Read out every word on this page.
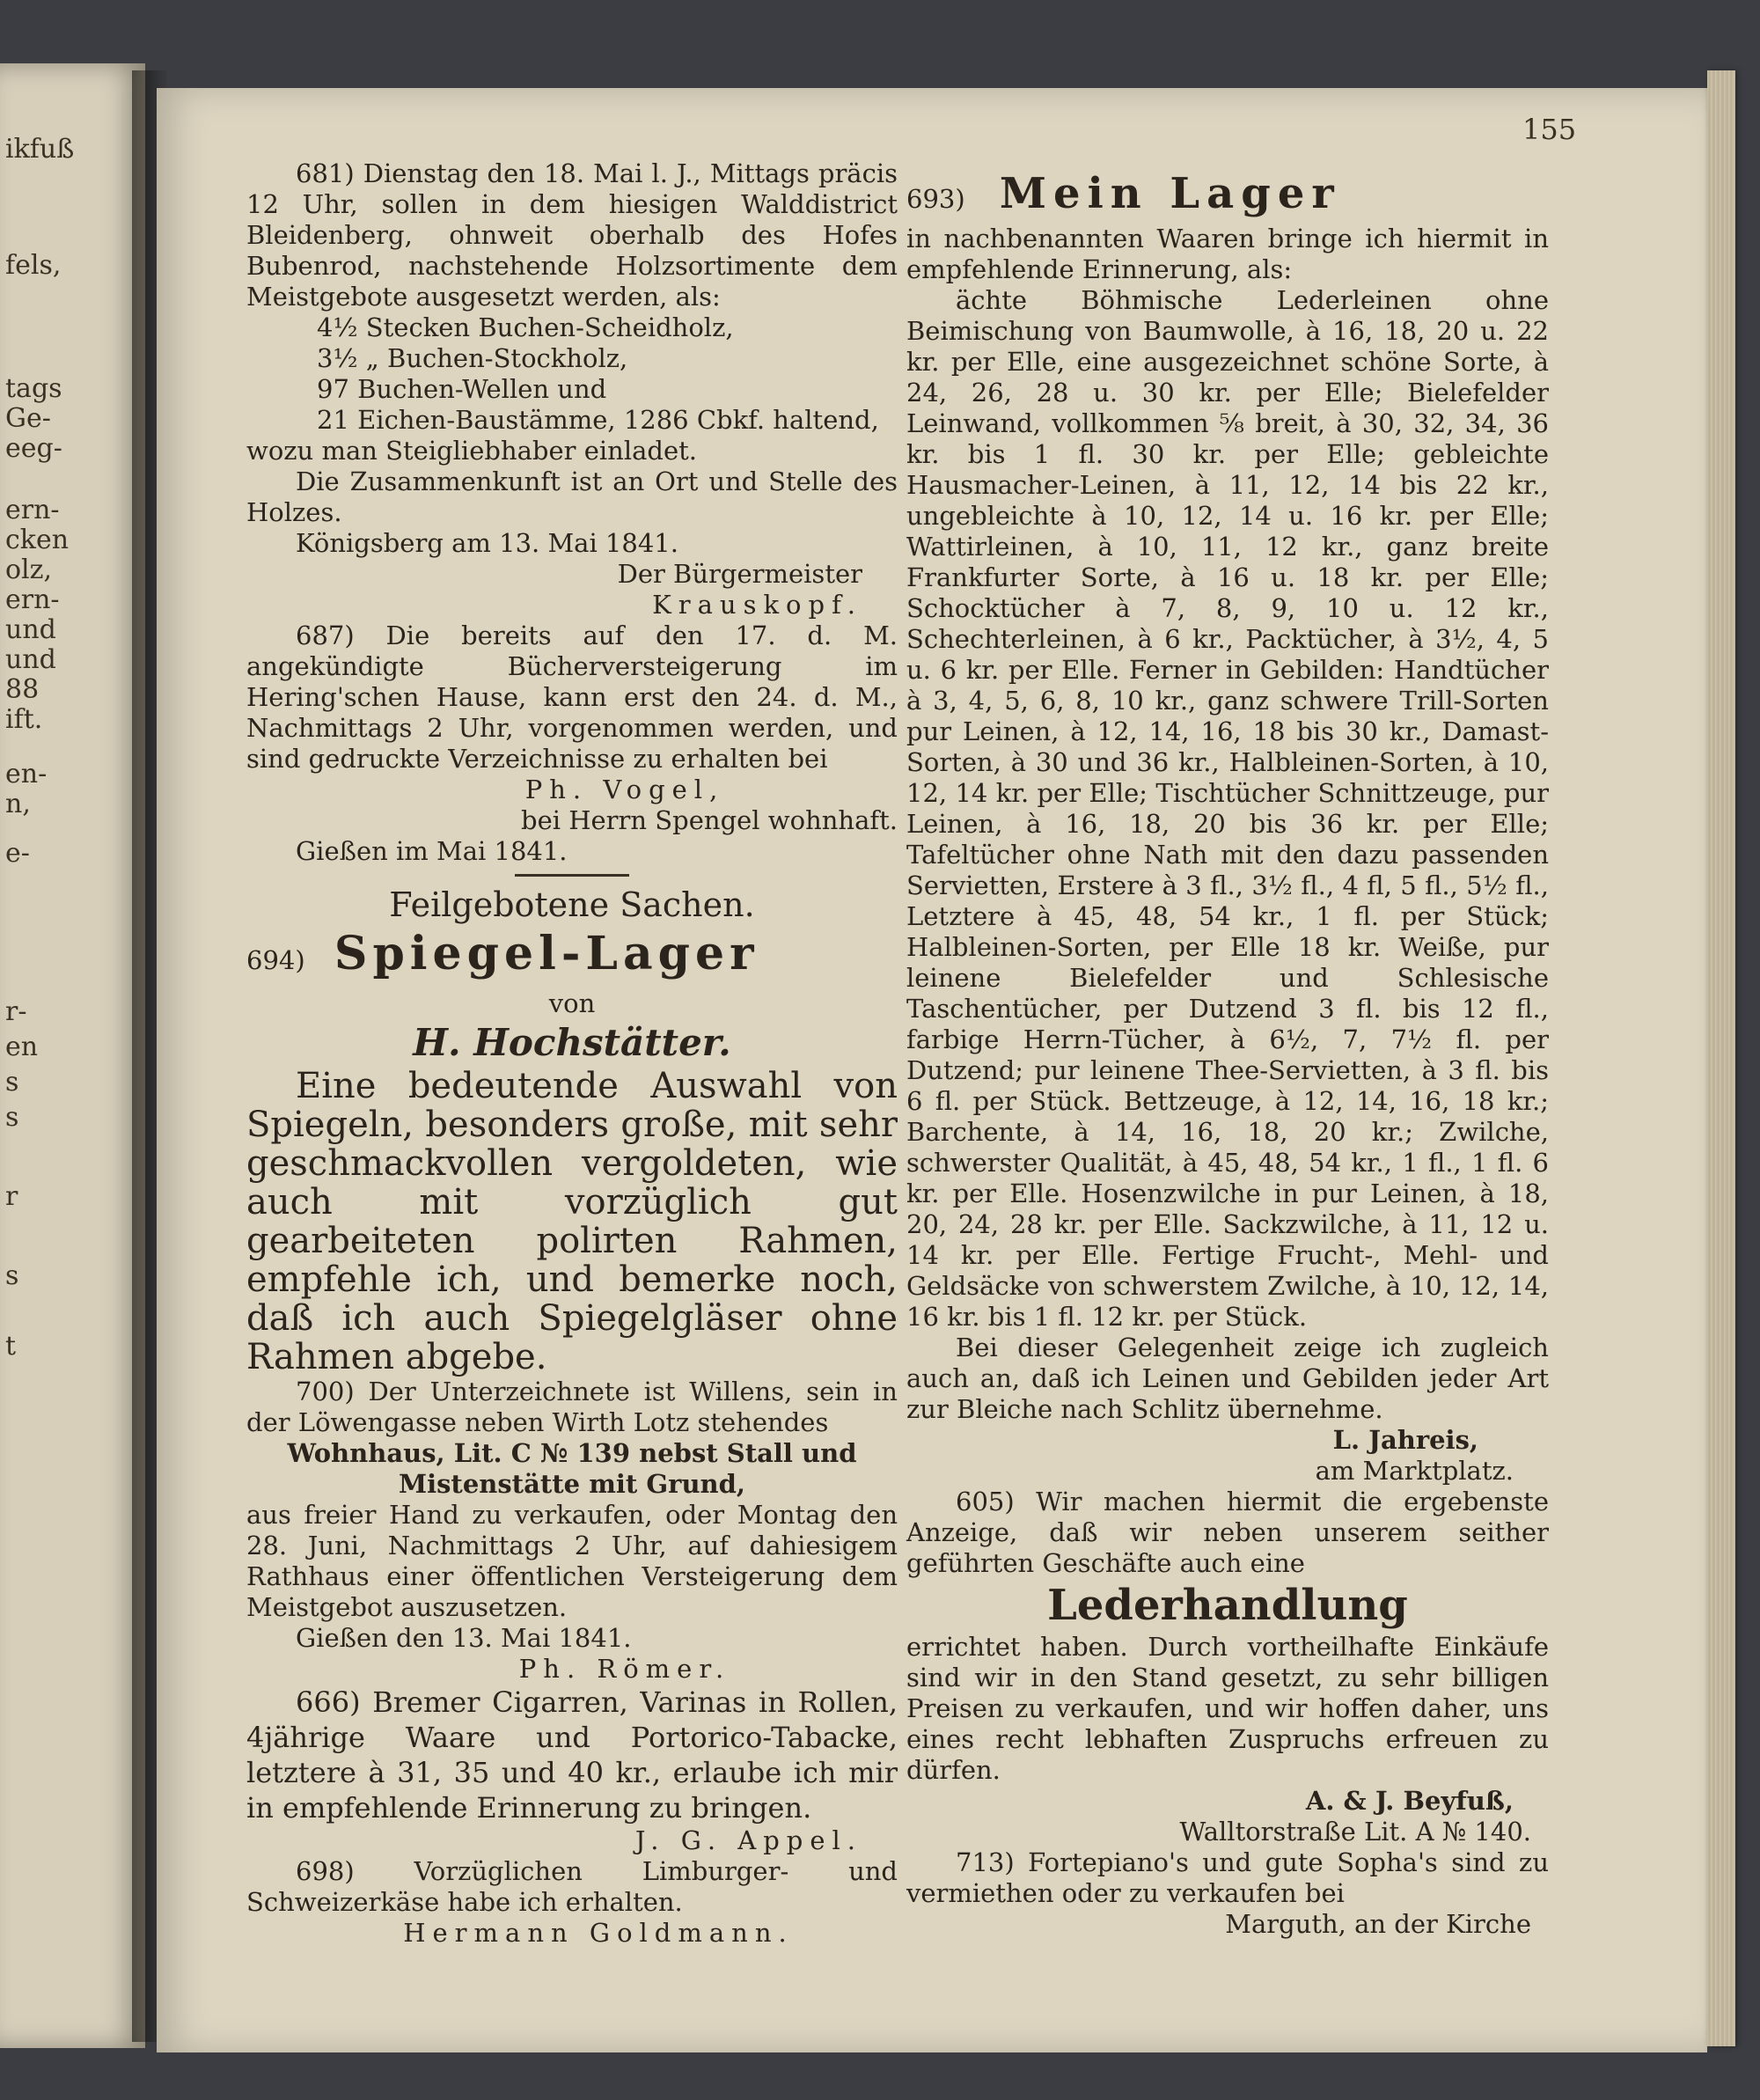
ikfuß
fels,
tags
Ge-
eeg-
ern-
cken
olz,
ern-
und
und
88
ift.
en-
n,
e-
r-
en
s
s
r
s
t
155

681) Dienstag den 18. Mai l. J., Mittags präcis 12 Uhr, sollen in dem hiesigen Walddistrict Bleidenberg, ohnweit oberhalb des Hofes Bubenrod, nachstehende Holzsortimente dem Meistgebote ausgesetzt werden, als:

4½ Stecken Buchen-Scheidholz,
3½ „ Buchen-Stockholz,
97 Buchen-Wellen und
21 Eichen-Baustämme, 1286 Cbkf. haltend,

wozu man Steigliebhaber einladet.

Die Zusammenkunft ist an Ort und Stelle des Holzes.

Königsberg am 13. Mai 1841.

Der Bürgermeister

Krauskopf.

687) Die bereits auf den 17. d. M. angekündigte Bücherversteigerung im Hering'schen Hause, kann erst den 24. d. M., Nachmittags 2 Uhr, vorgenommen werden, und sind gedruckte Verzeichnisse zu erhalten bei

Ph. Vogel,

bei Herrn Spengel wohnhaft.

Gießen im Mai 1841.

Feilgebotene Sachen.

694) Spiegel-Lager

von

H. Hochstätter.

Eine bedeutende Auswahl von Spiegeln, besonders große, mit sehr geschmackvollen vergoldeten, wie auch mit vorzüglich gut gearbeiteten polirten Rahmen, empfehle ich, und bemerke noch, daß ich auch Spiegelgläser ohne Rahmen abgebe.

700) Der Unterzeichnete ist Willens, sein in der Löwengasse neben Wirth Lotz stehendes

Wohnhaus, Lit. C № 139 nebst Stall und Mistenstätte mit Grund,

aus freier Hand zu verkaufen, oder Montag den 28. Juni, Nachmittags 2 Uhr, auf dahiesigem Rathhaus einer öffentlichen Versteigerung dem Meistgebot auszusetzen.

Gießen den 13. Mai 1841.

Ph. Römer.

666) Bremer Cigarren, Varinas in Rollen, 4jährige Waare und Portorico-Tabacke, letztere à 31, 35 und 40 kr., erlaube ich mir in empfehlende Erinnerung zu bringen.

J. G. Appel.

698) Vorzüglichen Limburger- und Schweizerkäse habe ich erhalten.

Hermann Goldmann.

693) Mein Lager

in nachbenannten Waaren bringe ich hiermit in empfehlende Erinnerung, als:

ächte Böhmische Lederleinen ohne Beimischung von Baumwolle, à 16, 18, 20 u. 22 kr. per Elle, eine ausgezeichnet schöne Sorte, à 24, 26, 28 u. 30 kr. per Elle; Bielefelder Leinwand, vollkommen ⅝ breit, à 30, 32, 34, 36 kr. bis 1 fl. 30 kr. per Elle; gebleichte Hausmacher-Leinen, à 11, 12, 14 bis 22 kr., ungebleichte à 10, 12, 14 u. 16 kr. per Elle; Wattirleinen, à 10, 11, 12 kr., ganz breite Frankfurter Sorte, à 16 u. 18 kr. per Elle; Schocktücher à 7, 8, 9, 10 u. 12 kr., Schechterleinen, à 6 kr., Packtücher, à 3½, 4, 5 u. 6 kr. per Elle. Ferner in Gebilden: Handtücher à 3, 4, 5, 6, 8, 10 kr., ganz schwere Trill-Sorten pur Leinen, à 12, 14, 16, 18 bis 30 kr., Damast-Sorten, à 30 und 36 kr., Halbleinen-Sorten, à 10, 12, 14 kr. per Elle; Tischtücher Schnittzeuge, pur Leinen, à 16, 18, 20 bis 36 kr. per Elle; Tafeltücher ohne Nath mit den dazu passenden Servietten, Erstere à 3 fl., 3½ fl., 4 fl, 5 fl., 5½ fl., Letztere à 45, 48, 54 kr., 1 fl. per Stück; Halbleinen-Sorten, per Elle 18 kr. Weiße, pur leinene Bielefelder und Schlesische Taschentücher, per Dutzend 3 fl. bis 12 fl., farbige Herrn-Tücher, à 6½, 7, 7½ fl. per Dutzend; pur leinene Thee-Servietten, à 3 fl. bis 6 fl. per Stück. Bettzeuge, à 12, 14, 16, 18 kr.; Barchente, à 14, 16, 18, 20 kr.; Zwilche, schwerster Qualität, à 45, 48, 54 kr., 1 fl., 1 fl. 6 kr. per Elle. Hosenzwilche in pur Leinen, à 18, 20, 24, 28 kr. per Elle. Sackzwilche, à 11, 12 u. 14 kr. per Elle. Fertige Frucht-, Mehl- und Geldsäcke von schwerstem Zwilche, à 10, 12, 14, 16 kr. bis 1 fl. 12 kr. per Stück.

Bei dieser Gelegenheit zeige ich zugleich auch an, daß ich Leinen und Gebilden jeder Art zur Bleiche nach Schlitz übernehme.

L. Jahreis,

am Marktplatz.

605) Wir machen hiermit die ergebenste Anzeige, daß wir neben unserem seither geführten Geschäfte auch eine

Lederhandlung

errichtet haben. Durch vortheilhafte Einkäufe sind wir in den Stand gesetzt, zu sehr billigen Preisen zu verkaufen, und wir hoffen daher, uns eines recht lebhaften Zuspruchs erfreuen zu dürfen.

A. & J. Beyfuß,

Walltorstraße Lit. A № 140.

713) Fortepiano's und gute Sopha's sind zu vermiethen oder zu verkaufen bei

Marguth, an der Kirche
